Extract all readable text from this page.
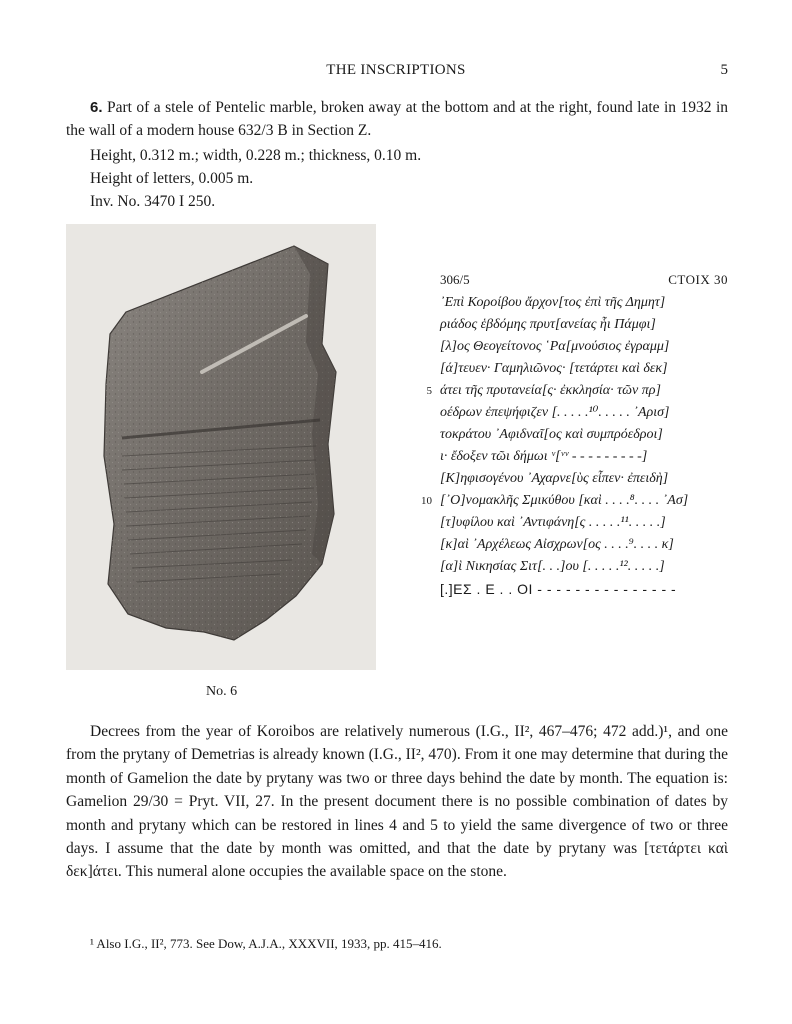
THE INSCRIPTIONS	5
6. Part of a stele of Pentelic marble, broken away at the bottom and at the right, found late in 1932 in the wall of a modern house 632/3 B in Section Z.
Height, 0.312 m.; width, 0.228 m.; thickness, 0.10 m.
Height of letters, 0.005 m.
Inv. No. 3470 I 250.
No. 6
306/5	CTOIX 30
᾿Επὶ Κοροίβου ἄρχον[τος ἐπὶ τῆς Δημητ]
ριάδος ἑβδόμης πρυτ[ανείας ἧι Πάμφι]
[λ]ος Θεογείτονος ῾Ρα[μνούσιος ἐγραμμ]
[ά]τευεν· Γαμηλιῶνος· [τετάρτει καὶ δεκ]
5 άτει τῆς πρυτανεία[ς· ἐκκλησία· τῶν πρ]
οέδρων ἐπεψήφιζεν [. . . . .¹⁰. . . . . ᾿Αρισ]
τοκράτου ᾿Αφιδναῖ[ος καὶ συμπρόεδροι]
ι· ἔδοξεν τῶι δήμωι ᵛ[ᵛᵛ - - - - - - - - -]
[Κ]ηφισογένου ᾿Αχαρνε[ὺς εἶπεν· ἐπειδὴ]
10 [᾿Ο]νομακλῆς Σμικύθου [καὶ . . . .⁸. . . . ᾿Ασ]
[τ]υφίλου καὶ ᾿Αντιφάνη[ς . . . . .¹¹. . . . .]
[κ]αὶ ᾿Αρχέλεως Αἰσχρων[ος . . . .⁹. . . . κ]
[α]ὶ Νικησίας Σιτ[. . .]ου [. . . . .¹². . . . .]
[.]ΕΣ . Ε . . ΟΙ - - - - - - - - - - - - - - -

Decrees from the year of Koroibos are relatively numerous (I.G., II², 467–476; 472 add.)¹, and one from the prytany of Demetrias is already known (I.G., II², 470). From it one may determine that during the month of Gamelion the date by prytany was two or three days behind the date by month. The equation is: Gamelion 29/30 = Pryt. VII, 27. In the present document there is no possible combination of dates by month and prytany which can be restored in lines 4 and 5 to yield the same divergence of two or three days. I assume that the date by month was omitted, and that the date by prytany was [τετάρτει καὶ δεκ]άτει. This numeral alone occupies the available space on the stone.

¹ Also I.G., II², 773. See Dow, A.J.A., XXXVII, 1933, pp. 415–416.
